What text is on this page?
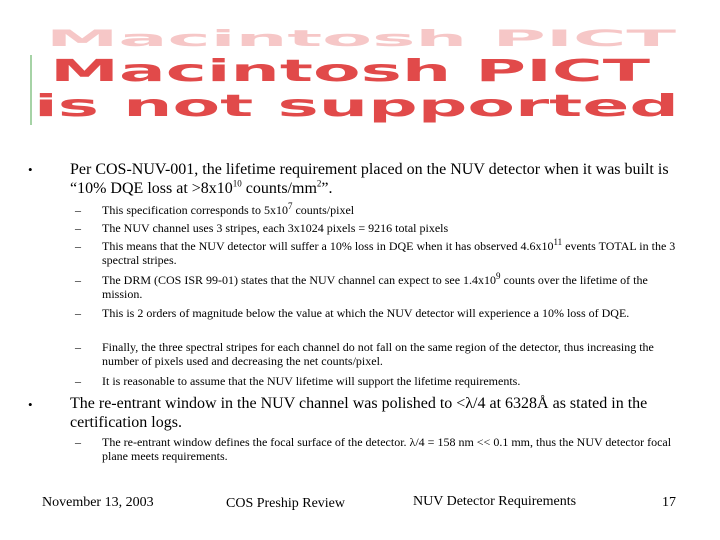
Macintosh PICT
Macintosh PICT
is not supported
• Per COS-NUV-001, the lifetime requirement placed on the NUV detector when it was built is “10% DQE loss at $>8x10^{10}$ counts/$mm^2$”.
– This specification corresponds to $5x10^7$ counts/pixel
– The NUV channel uses 3 stripes, each 3x1024 pixels = 9216 total pixels
– This means that the NUV detector will suffer a 10% loss in DQE when it has observed $4.6x10^{11}$ events TOTAL in the 3 spectral stripes.
– The DRM (COS ISR 99-01) states that the NUV channel can expect to see $1.4x10^9$ counts over the lifetime of the mission.
– This is 2 orders of magnitude below the value at which the NUV detector will experience a 10% loss of DQE.
– Finally, the three spectral stripes for each channel do not fall on the same region of the detector, thus increasing the number of pixels used and decreasing the net counts/pixel.
– It is reasonable to assume that the NUV lifetime will support the lifetime requirements.
• The re-entrant window in the NUV channel was polished to <λ/4 at 6328Å as stated in the certification logs.
– The re-entrant window defines the focal surface of the detector. λ/4 = 158 nm << 0.1 mm, thus the NUV detector focal plane meets requirements.
November 13, 2003	COS Preship Review	NUV Detector Requirements	17
